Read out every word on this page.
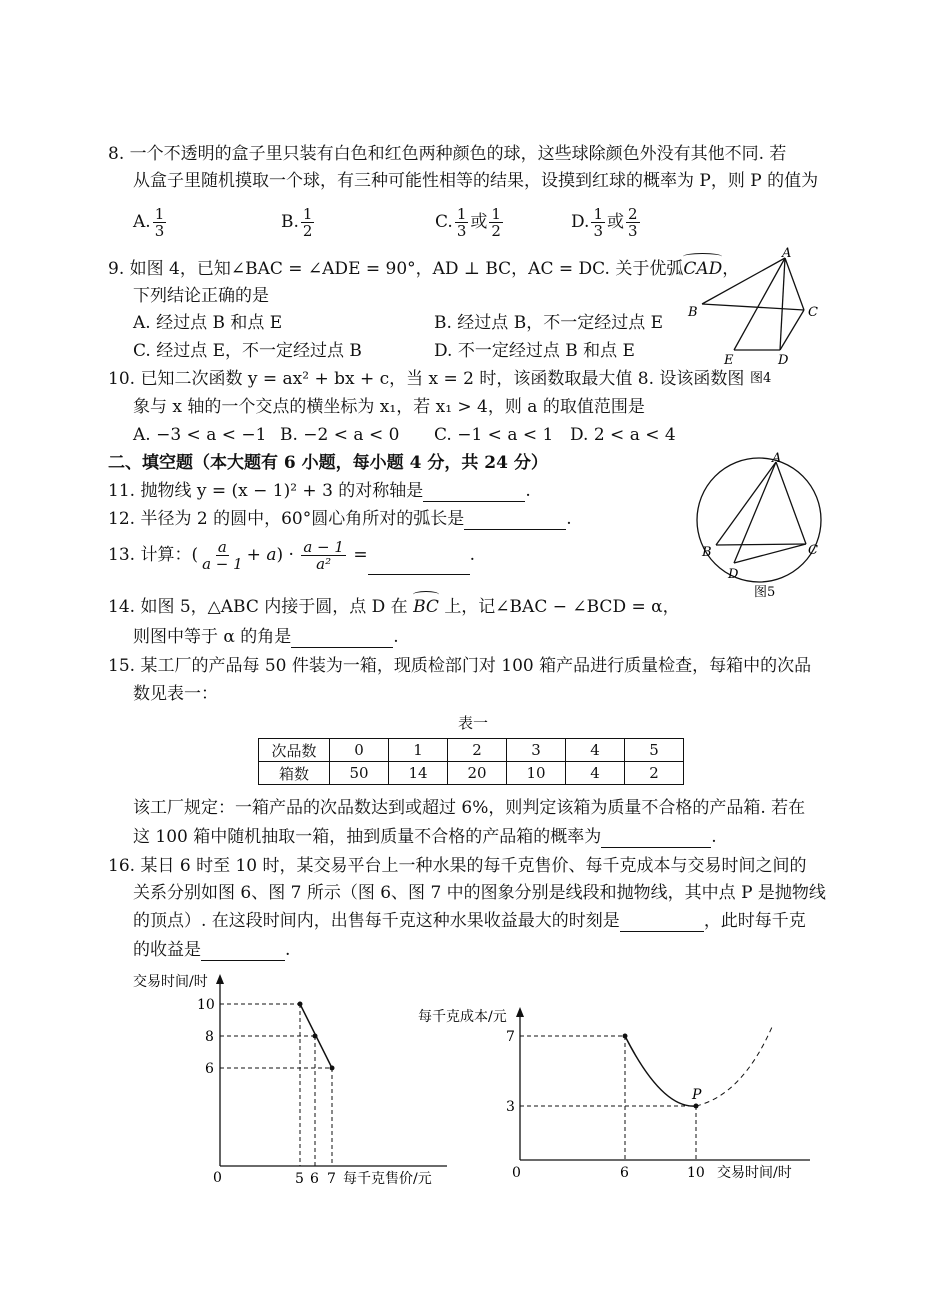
8. 一个不透明的盒子里只装有白色和红色两种颜色的球，这些球除颜色外没有其他不同. 若
从盒子里随机摸取一个球，有三种可能性相等的结果，设摸到红球的概率为 P，则 P 的值为
A. $\frac{1}{3}$	B. $\frac{1}{2}$	C. $\frac{1}{3}$ 或 $\frac{1}{2}$	D. $\frac{1}{3}$ 或 $\frac{2}{3}$
9. 如图 4，已知∠BAC = ∠ADE = 90°，AD ⊥ BC，AC = DC. 关于优弧CAD，
下列结论正确的是
A. 经过点 B 和点 E	B. 经过点 B，不一定经过点 E
C. 经过点 E，不一定经过点 B	D. 不一定经过点 B 和点 E
10. 已知二次函数 y = ax² + bx + c，当 x = 2 时，该函数取最大值 8. 设该函数图
象与 x 轴的一个交点的横坐标为 x₁，若 x₁ > 4，则 a 的取值范围是
A. −3 < a < −1 B. −2 < a < 0 C. −1 < a < 1 D. 2 < a < 4
二、填空题（本大题有 6 小题，每小题 4 分，共 24 分）
11. 抛物线 y = (x − 1)² + 3 的对称轴是	.
12. 半径为 2 的圆中，60°圆心角所对的弧长是	.
13. 计算：( $\frac{a}{a - 1} + a) \cdot \frac{a - 1}{\text{a²}}$ =	.
14. 如图 5，△ABC 内接于圆，点 D 在 BC 上，记∠BAC − ∠BCD = α，
则图中等于 α 的角是	.
15. 某工厂的产品每 50 件装为一箱，现质检部门对 100 箱产品进行质量检查，每箱中的次品
数见表一：
表一
次品数	0	1	2	3	4	5
箱数	50	14	20	10	4	2
该工厂规定：一箱产品的次品数达到或超过 6%，则判定该箱为质量不合格的产品箱. 若在
这 100 箱中随机抽取一箱，抽到质量不合格的产品箱的概率为	.
16. 某日 6 时至 10 时，某交易平台上一种水果的每千克售价、每千克成本与交易时间之间的
关系分别如图 6、图 7 所示（图 6、图 7 中的图象分别是线段和抛物线，其中点 P 是抛物线
的顶点）. 在这段时间内，出售每千克这种水果收益最大的时刻是	，此时每千克
的收益是	.
A
B	C
D
E
图4
A
B	C
D
图5
交易时间/时
10
8
6
0	5 6 7 每千克售价/元
每千克成本/元
7
3
0	6	10 交易时间/时
P
